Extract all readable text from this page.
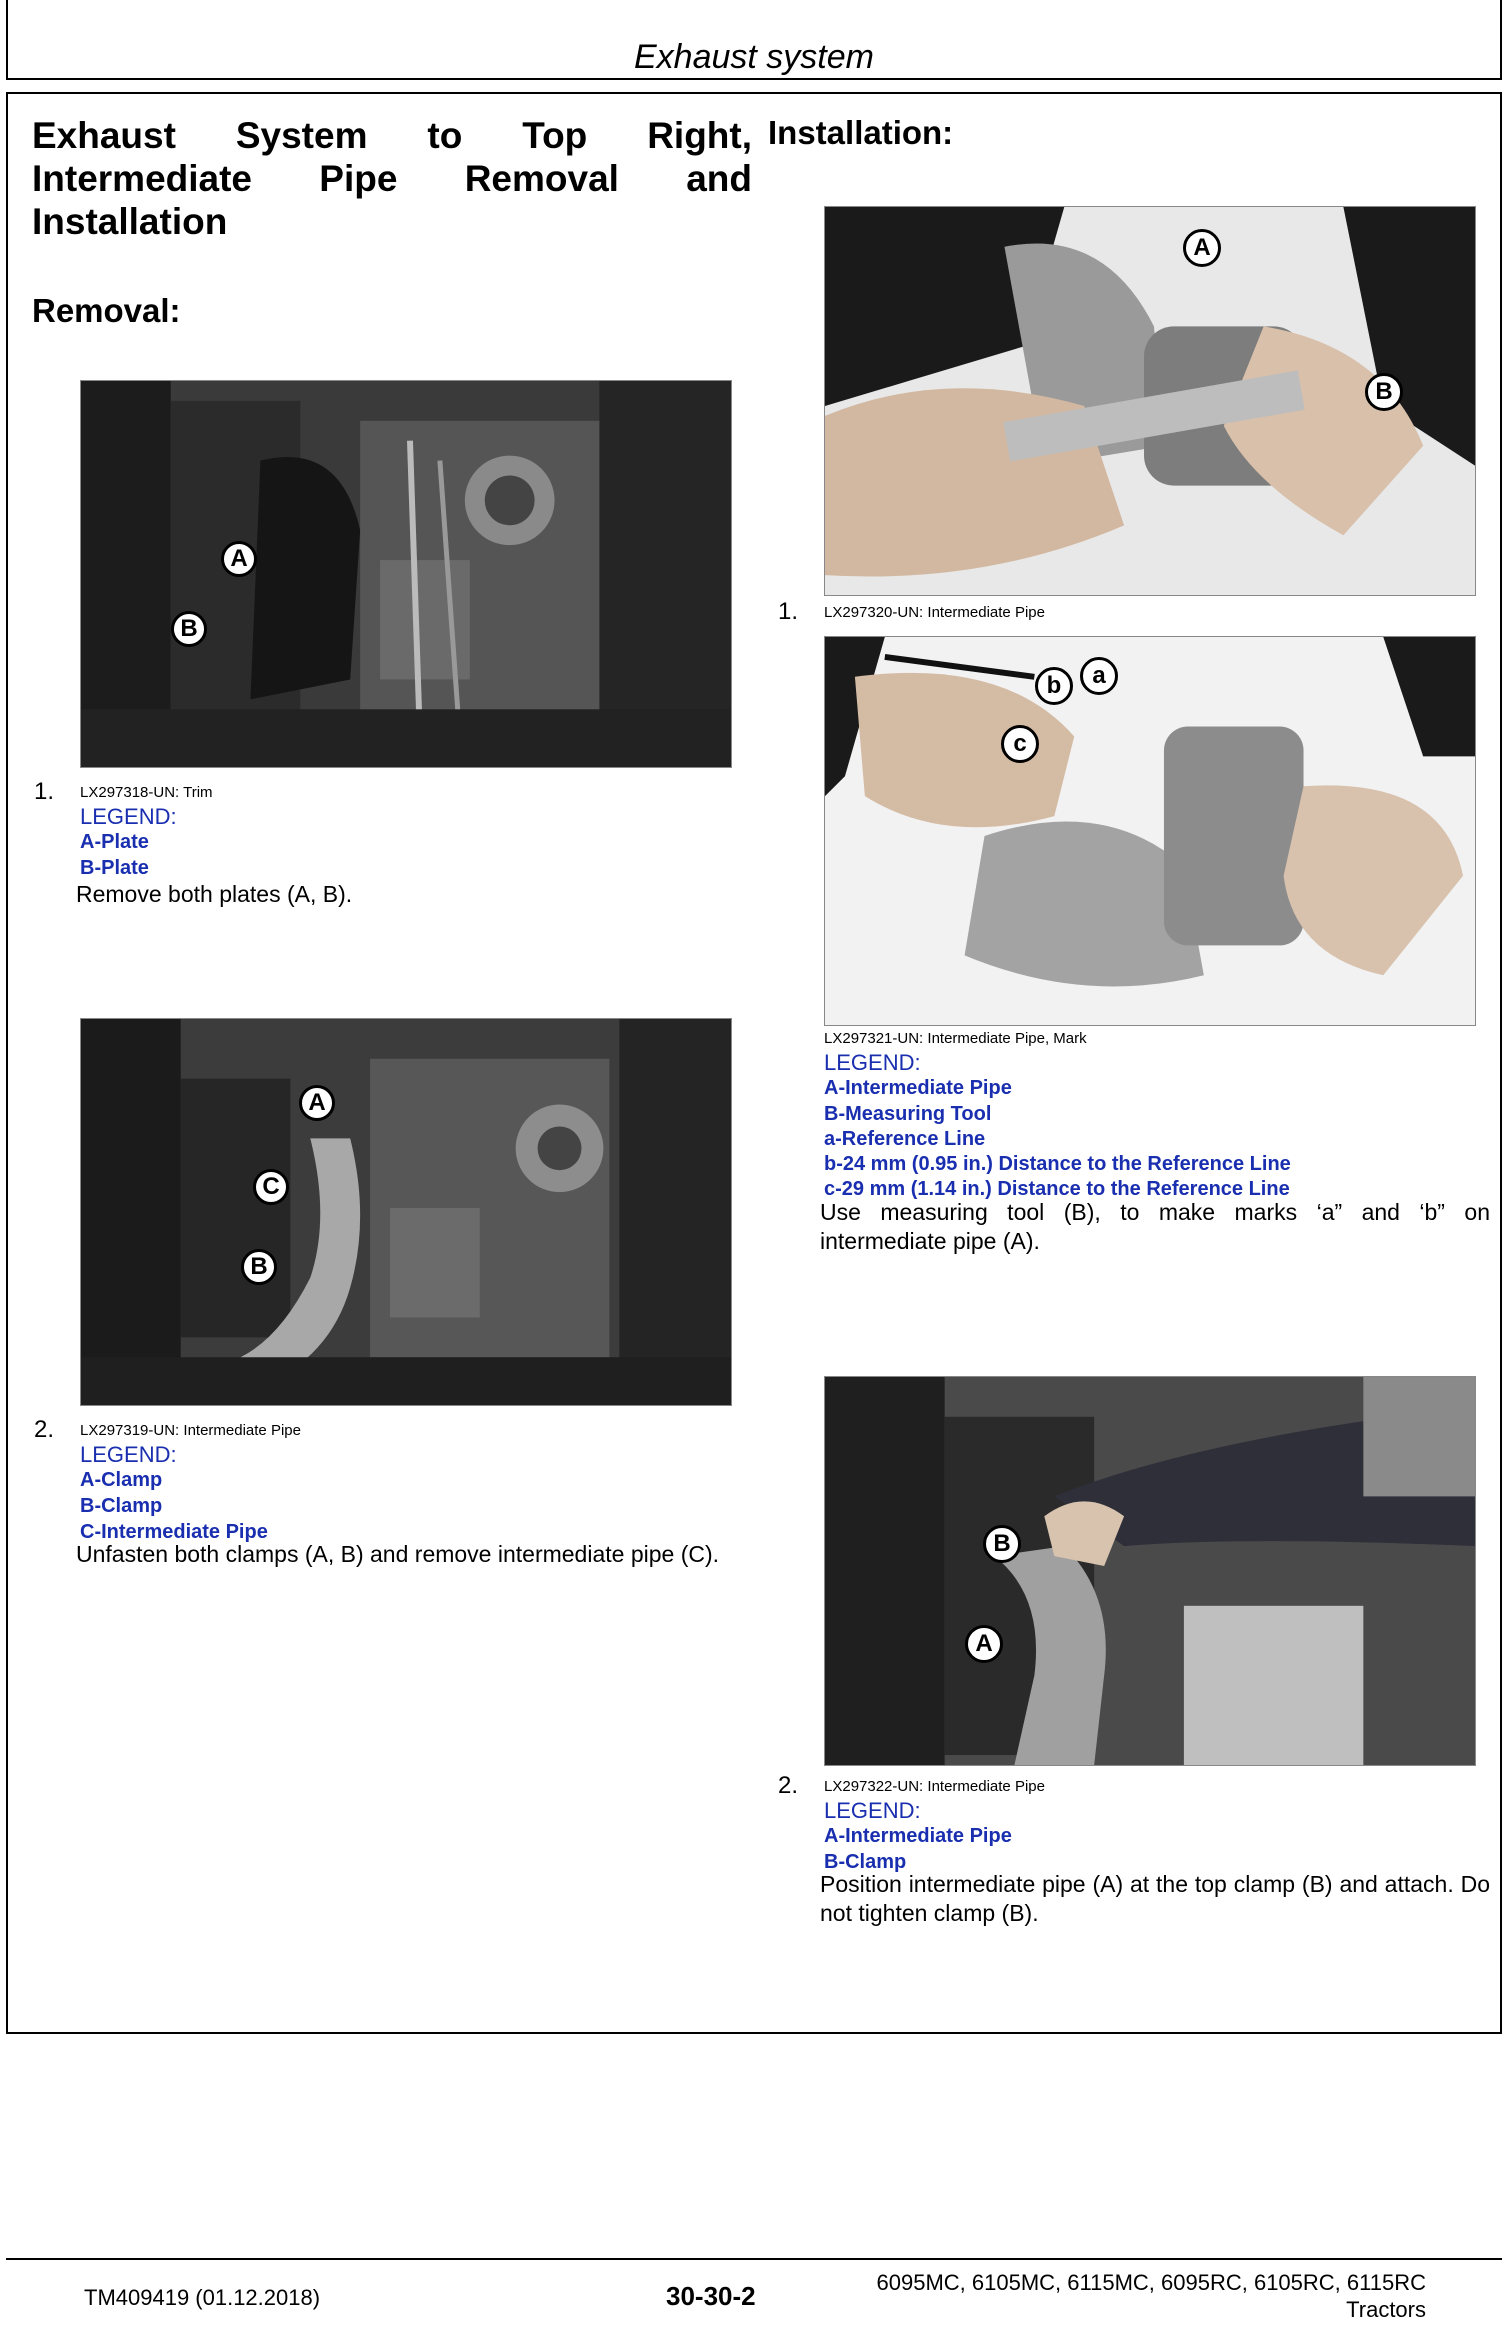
Exhaust system
Exhaust System to Top Right, Intermediate Pipe Removal and Installation
Removal:
A
B
1. LX297318-UN: Trim
LEGEND:
A-Plate
B-Plate
Remove both plates (A, B).
A
C
B
2. LX297319-UN: Intermediate Pipe
LEGEND:
A-Clamp
B-Clamp
C-Intermediate Pipe
Unfasten both clamps (A, B) and remove intermediate pipe (C).
Installation:
A
B
1. LX297320-UN: Intermediate Pipe
b	a
c
LX297321-UN: Intermediate Pipe, Mark
LEGEND:
A-Intermediate Pipe
B-Measuring Tool
a-Reference Line
b-24 mm (0.95 in.) Distance to the Reference Line
c-29 mm (1.14 in.) Distance to the Reference Line
Use measuring tool (B), to make marks ‘a” and ‘b” on intermediate pipe (A).
B
A
2. LX297322-UN: Intermediate Pipe
LEGEND:
A-Intermediate Pipe
B-Clamp
Position intermediate pipe (A) at the top clamp (B) and attach. Do not tighten clamp (B).
TM409419 (01.12.2018)	30-30-2	6095MC, 6105MC, 6115MC, 6095RC, 6105RC, 6115RC
Tractors
